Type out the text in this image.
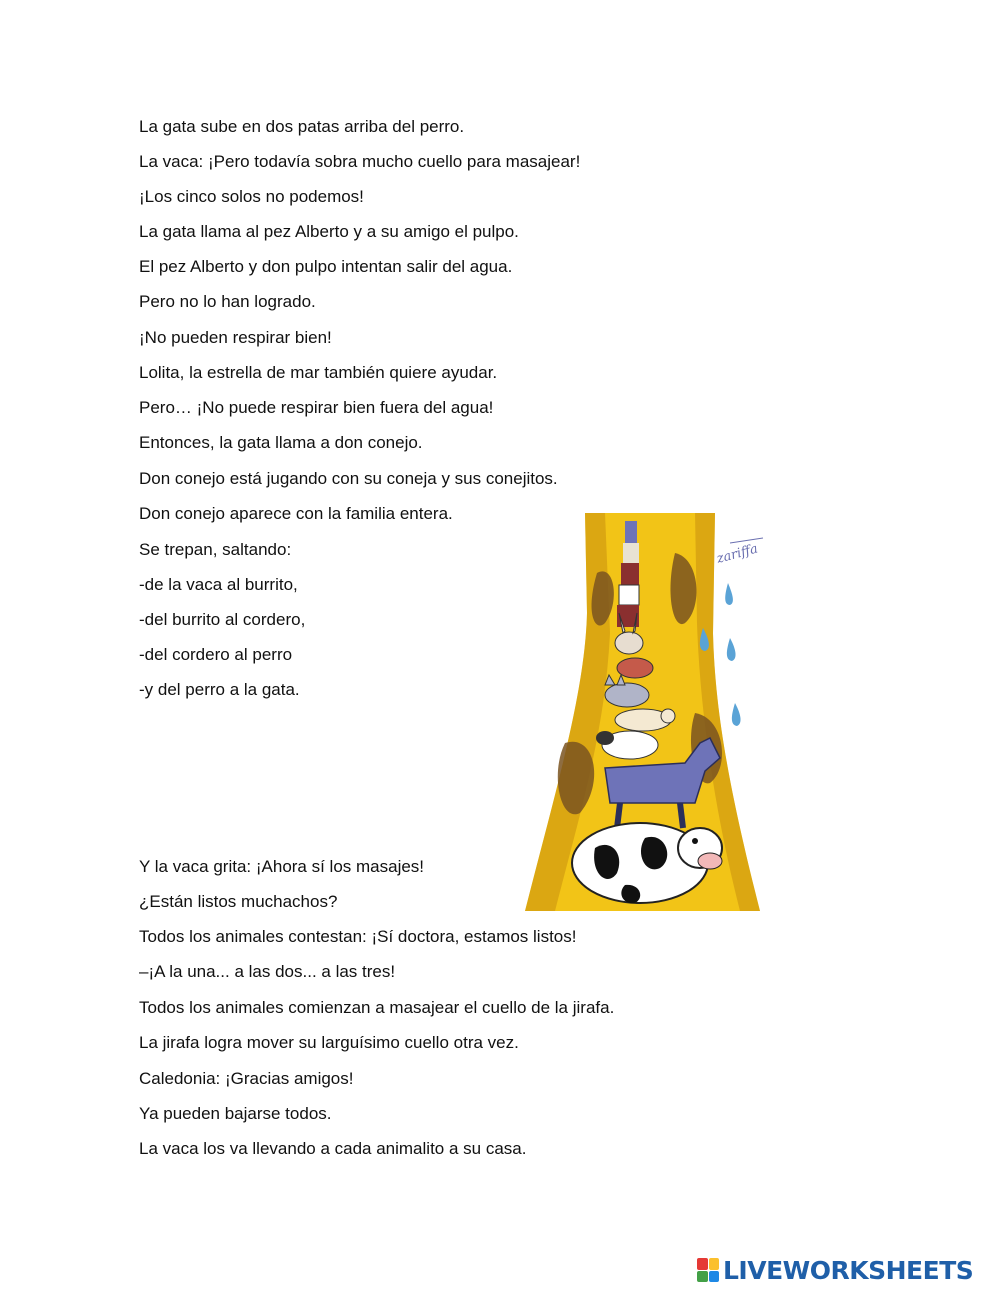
La gata sube en dos patas arriba del perro.

La vaca: ¡Pero todavía sobra mucho cuello para masajear!

¡Los cinco solos no podemos!

La gata llama al pez Alberto y a su amigo el pulpo.

El pez Alberto y don pulpo intentan salir del agua.

Pero no lo han logrado.

¡No pueden respirar bien!

Lolita, la estrella de mar también quiere ayudar.

Pero… ¡No puede respirar bien fuera del agua!

Entonces, la gata llama a don conejo.

Don conejo está jugando con su coneja y sus conejitos.

Don conejo aparece con la familia entera.

Se trepan, saltando:

-de la vaca al burrito,

-del burrito al cordero,

-del cordero al perro

-y del perro a la gata.

Y la vaca grita: ¡Ahora sí los masajes!

¿Están listos muchachos?

Todos los animales contestan: ¡Sí doctora, estamos listos!

–¡A la una... a las dos... a las tres!

Todos los animales comienzan a masajear el cuello de la jirafa.

La jirafa logra mover su larguísimo cuello otra vez.

Caledonia: ¡Gracias amigos!

Ya pueden bajarse todos.

La vaca los va llevando a cada animalito a su casa.

zariffa
LIVEWORKSHEETS
